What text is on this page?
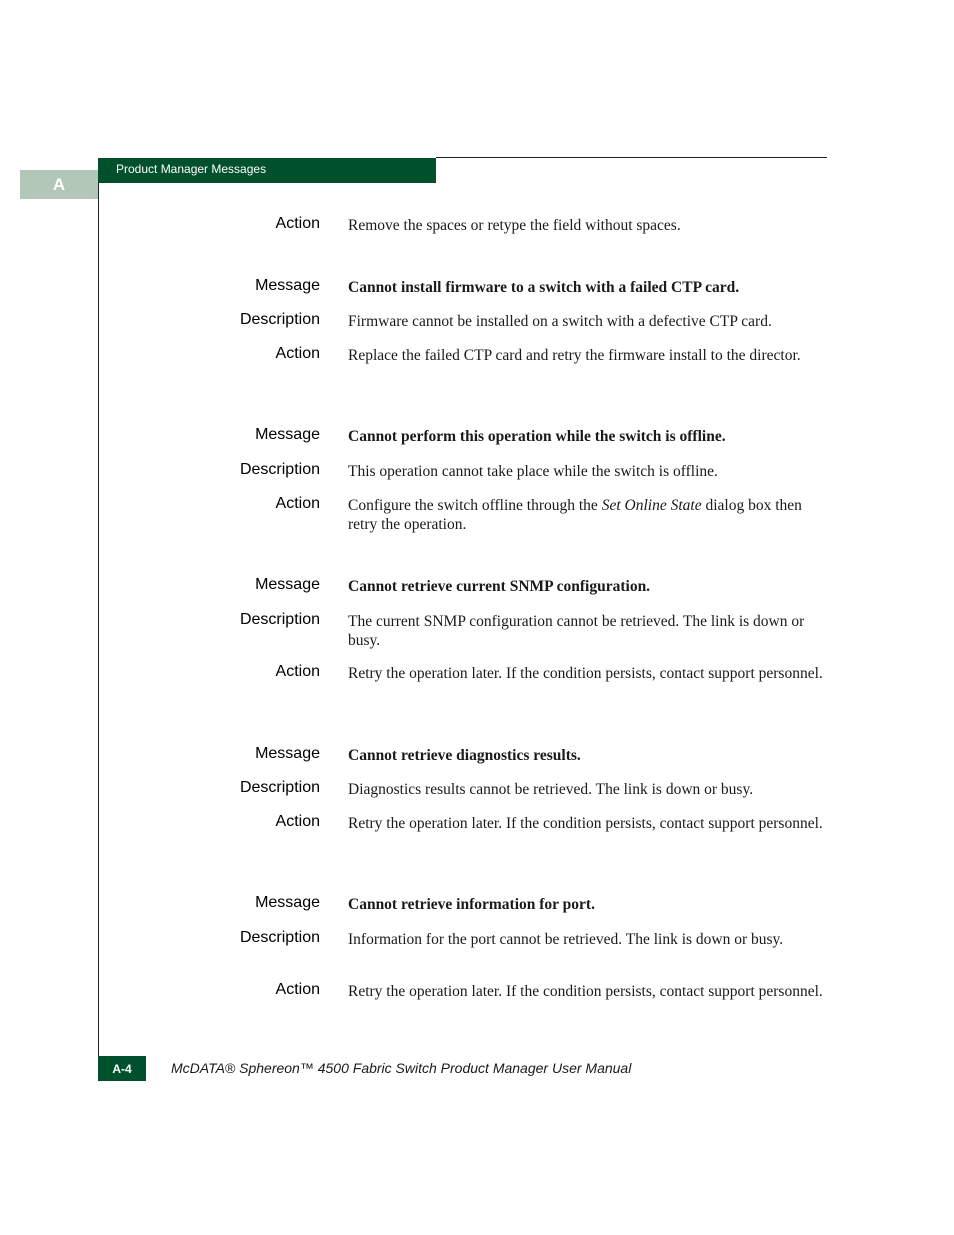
A
Product Manager Messages
Action Remove the spaces or retype the field without spaces.
Message Cannot install firmware to a switch with a failed CTP card.
Description Firmware cannot be installed on a switch with a defective CTP card.
Action Replace the failed CTP card and retry the firmware install to the director.
Message Cannot perform this operation while the switch is offline.
Description This operation cannot take place while the switch is offline.
Action Configure the switch offline through the Set Online State dialog box then retry the operation.
Message Cannot retrieve current SNMP configuration.
Description The current SNMP configuration cannot be retrieved. The link is down or busy.
Action Retry the operation later. If the condition persists, contact support personnel.
Message Cannot retrieve diagnostics results.
Description Diagnostics results cannot be retrieved. The link is down or busy.
Action Retry the operation later. If the condition persists, contact support personnel.
Message Cannot retrieve information for port.
Description Information for the port cannot be retrieved. The link is down or busy.
Action Retry the operation later. If the condition persists, contact support personnel.
A-4	McDATA® Sphereon™ 4500 Fabric Switch Product Manager User Manual
